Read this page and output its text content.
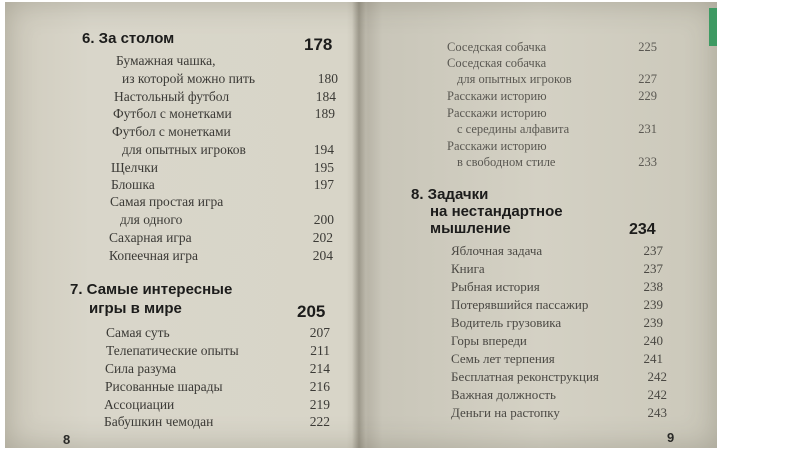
6. За столом	178
Бумажная чашка,
из которой можно пить	180
Настольный футбол	184
Футбол с монетками	189
Футбол с монетками
для опытных игроков	194
Щелчки	195
Блошка	197
Самая простая игра
для одного	200
Сахарная игра	202
Копеечная игра	204
7. Самые интересные
игры в мире	205
Самая суть	207
Телепатические опыты	211
Сила разума	214
Рисованные шарады	216
Ассоциации	219
Бабушкин чемодан	222
8
Соседская собачка	225
Соседская собачка
для опытных игроков	227
Расскажи историю	229
Расскажи историю
с середины алфавита	231
Расскажи историю
в свободном стиле	233
8. Задачки
на нестандартное
мышление	234
Яблочная задача	237
Книга	237
Рыбная история	238
Потерявшийся пассажир	239
Водитель грузовика	239
Горы впереди	240
Семь лет терпения	241
Бесплатная реконструкция	242
Важная должность	242
Деньги на растопку	243
9
